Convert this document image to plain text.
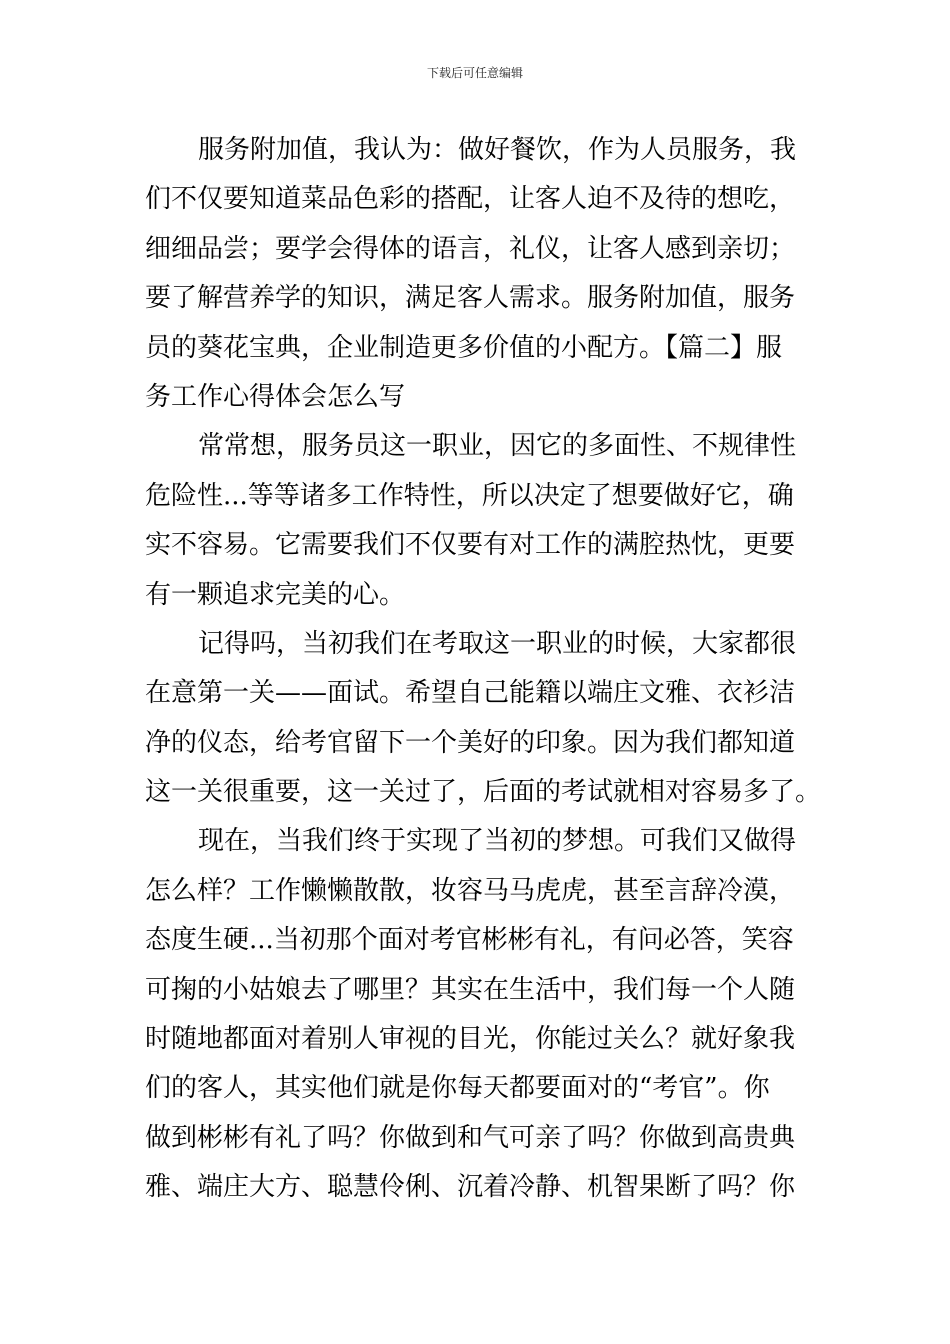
下载后可任意编辑
服务附加值，我认为：做好餐饮，作为人员服务，我
们不仅要知道菜品色彩的搭配，让客人迫不及待的想吃，
细细品尝；要学会得体的语言，礼仪，让客人感到亲切；
要了解营养学的知识，满足客人需求。服务附加值，服务
员的葵花宝典，企业制造更多价值的小配方。【篇二】服
务工作心得体会怎么写
常常想，服务员这一职业，因它的多面性、不规律性
危险性...等等诸多工作特性，所以决定了想要做好它，确
实不容易。它需要我们不仅要有对工作的满腔热忱，更要
有一颗追求完美的心。
记得吗，当初我们在考取这一职业的时候，大家都很
在意第一关——面试。希望自己能籍以端庄文雅、衣衫洁
净的仪态，给考官留下一个美好的印象。因为我们都知道
这一关很重要，这一关过了，后面的考试就相对容易多了。
现在，当我们终于实现了当初的梦想。可我们又做得
怎么样？工作懒懒散散，妆容马马虎虎，甚至言辞冷漠，
态度生硬...当初那个面对考官彬彬有礼，有问必答，笑容
可掬的小姑娘去了哪里？其实在生活中，我们每一个人随
时随地都面对着别人审视的目光，你能过关么？就好象我
们的客人，其实他们就是你每天都要面对的“考官”。你
做到彬彬有礼了吗？你做到和气可亲了吗？你做到高贵典
雅、端庄大方、聪慧伶俐、沉着冷静、机智果断了吗？你
